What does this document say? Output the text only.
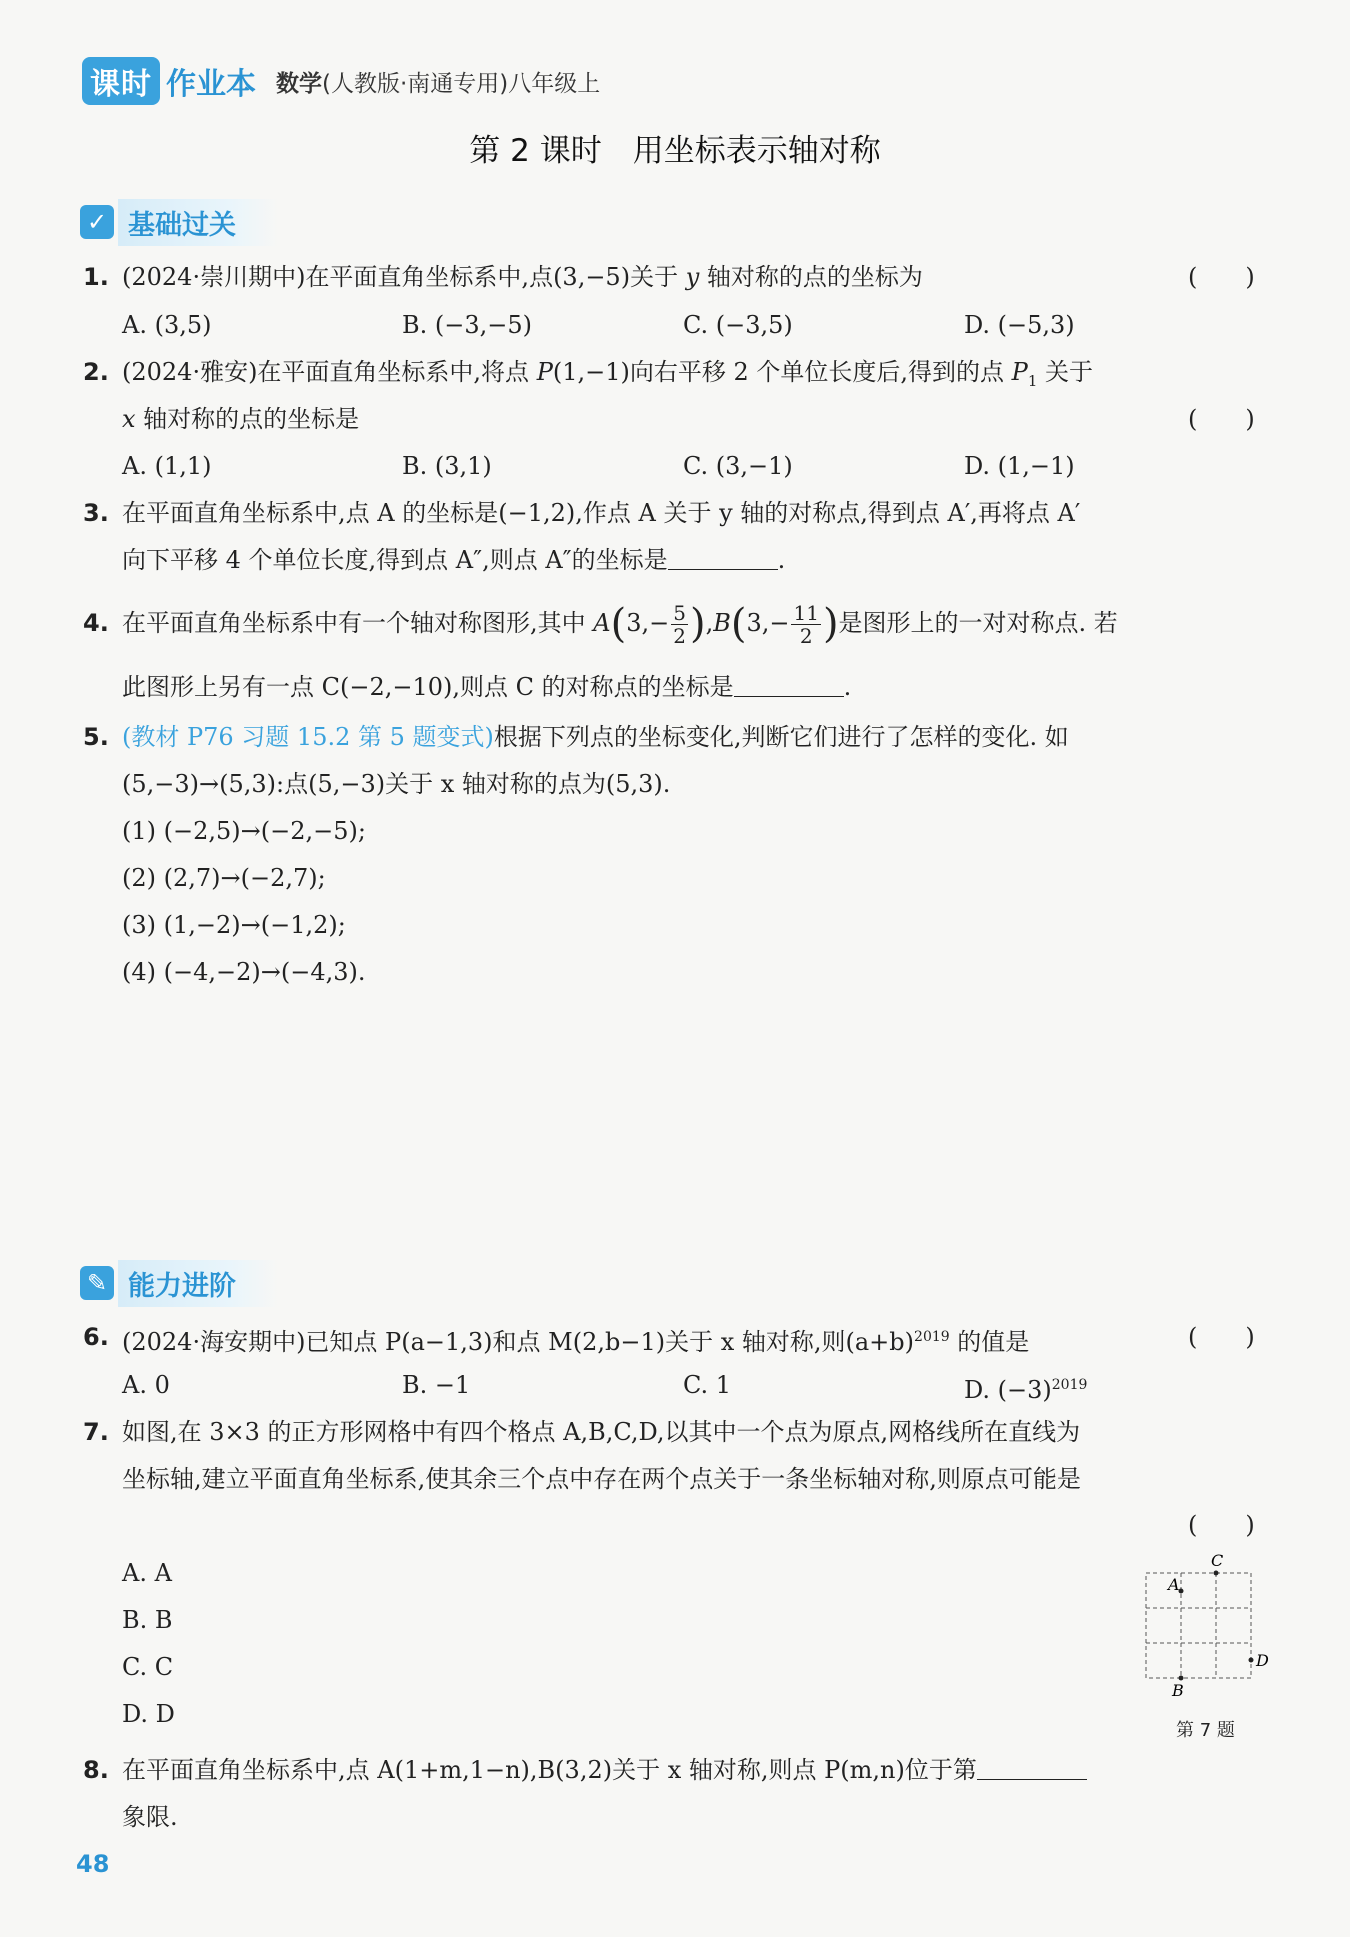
课时 作业本 数学(人教版·南通专用)八年级上
第 2 课时　用坐标表示轴对称
✓ 基础过关
1. (2024·崇川期中)在平面直角坐标系中,点(3,−5)关于 y 轴对称的点的坐标为	(　　)
A. (3,5)	B. (−3,−5)	C. (−3,5)	D. (−5,3)
2. (2024·雅安)在平面直角坐标系中,将点 P(1,−1)向右平移 2 个单位长度后,得到的点 $P_1$ 关于
x 轴对称的点的坐标是	(　　)
A. (1,1)	B. (3,1)	C. (3,−1)	D. (1,−1)
3. 在平面直角坐标系中,点 A 的坐标是(−1,2),作点 A 关于 y 轴的对称点,得到点 A′,再将点 A′
向下平移 4 个单位长度,得到点 A″,则点 A″的坐标是	.
4. 在平面直角坐标系中有一个轴对称图形,其中 $A(3,- \frac{5}{2} ),B(3,- \frac{11}{2}$ )是图形上的一对对称点. 若
此图形上另有一点 C(−2,−10),则点 C 的对称点的坐标是	.
5. (教材 P76 习题 15.2 第 5 题变式)根据下列点的坐标变化,判断它们进行了怎样的变化. 如
(5,−3)→(5,3):点(5,−3)关于 x 轴对称的点为(5,3).
(1) (−2,5)→(−2,−5);
(2) (2,7)→(−2,7);
(3) (1,−2)→(−1,2);
(4) (−4,−2)→(−4,3).
✎ 能力进阶
6. (2024·海安期中)已知点 P(a−1,3)和点 M(2,b−1)关于 x 轴对称,则$(a+b)^{2019}$ 的值是	(　　)
A. 0	B. −1	C. 1	D. $(-3)^{2019}$
7. 如图,在 3×3 的正方形网格中有四个格点 A,B,C,D,以其中一个点为原点,网格线所在直线为
坐标轴,建立平面直角坐标系,使其余三个点中存在两个点关于一条坐标轴对称,则原点可能是
(　　)
A. A
B. B
C. C
D. D
A
B
C
D
第 7 题
8. 在平面直角坐标系中,点 A(1+m,1−n),B(3,2)关于 x 轴对称,则点 P(m,n)位于第
象限.
48
